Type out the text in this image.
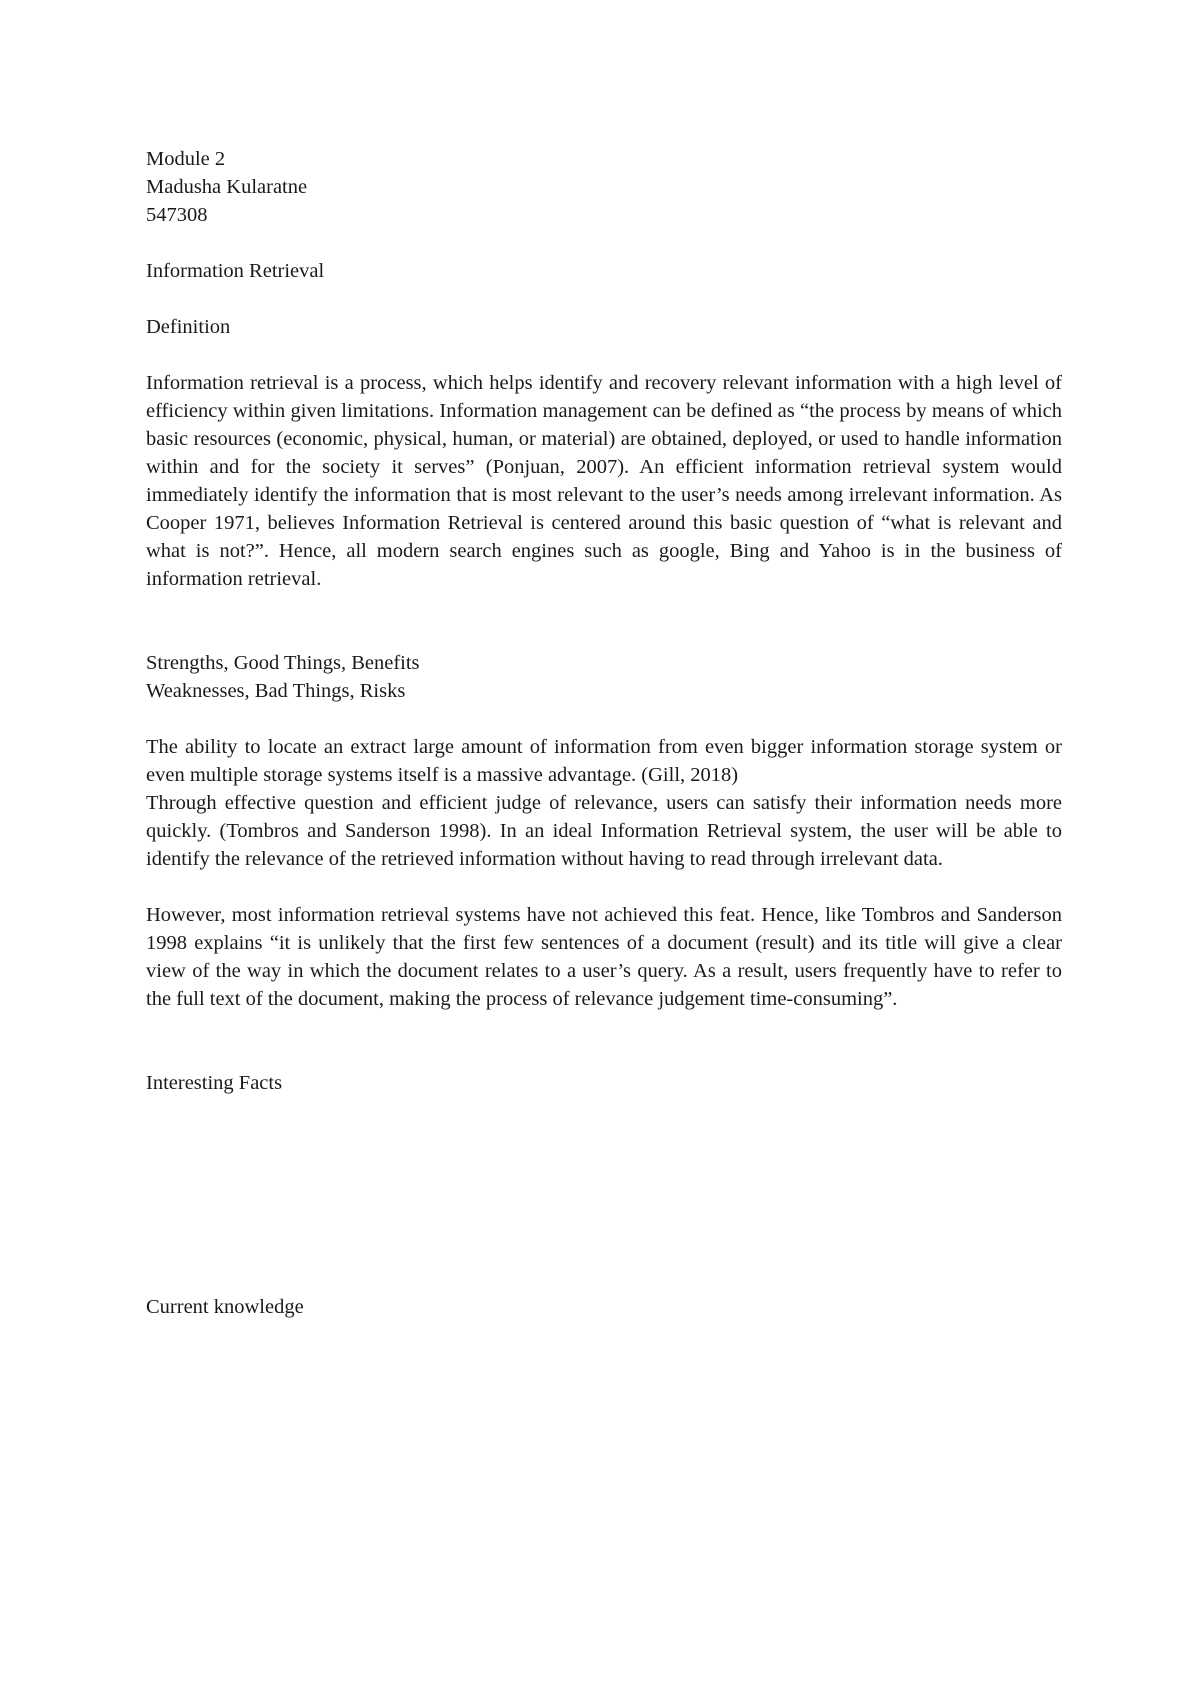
Module 2
Madusha Kularatne
547308
Information Retrieval
Definition

Information retrieval is a process, which helps identify and recovery relevant information with a high level of efficiency within given limitations. Information management can be defined as “the process by means of which basic resources (economic, physical, human, or material) are obtained, deployed, or used to handle information within and for the society it serves” (Ponjuan, 2007). An efficient information retrieval system would immediately identify the information that is most relevant to the user’s needs among irrelevant information. As Cooper 1971, believes Information Retrieval is centered around this basic question of “what is relevant and what is not?”. Hence, all modern search engines such as google, Bing and Yahoo is in the business of information retrieval.

Strengths, Good Things, Benefits
Weaknesses, Bad Things, Risks

The ability to locate an extract large amount of information from even bigger information storage system or even multiple storage systems itself is a massive advantage. (Gill, 2018)

Through effective question and efficient judge of relevance, users can satisfy their information needs more quickly. (Tombros and Sanderson 1998). In an ideal Information Retrieval system, the user will be able to identify the relevance of the retrieved information without having to read through irrelevant data.

However, most information retrieval systems have not achieved this feat. Hence, like Tombros and Sanderson 1998 explains “it is unlikely that the first few sentences of a document (result) and its title will give a clear view of the way in which the document relates to a user’s query. As a result, users frequently have to refer to the full text of the document, making the process of relevance judgement time-consuming”.

Interesting Facts
Current knowledge
